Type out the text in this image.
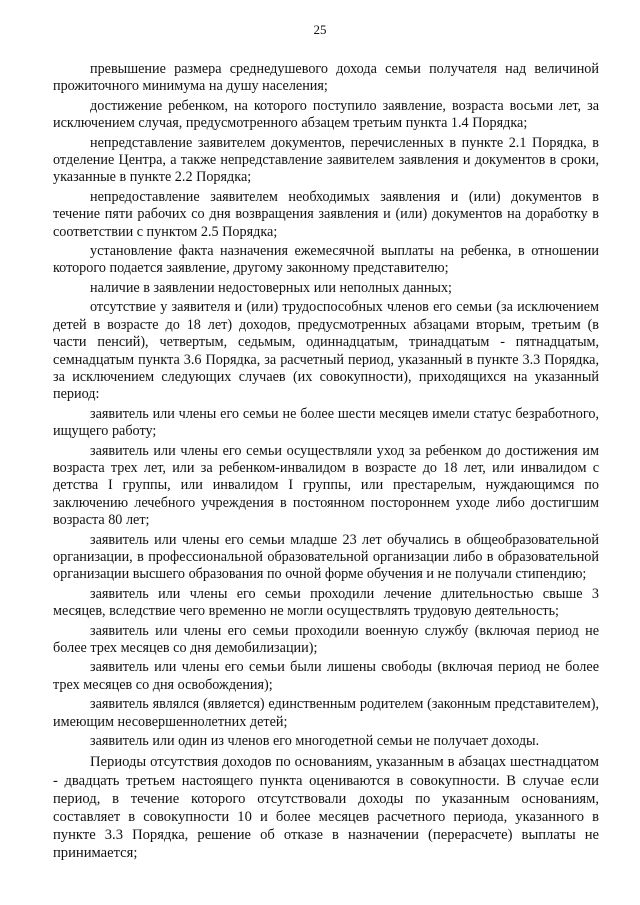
25

превышение размера среднедушевого дохода семьи получателя над величиной прожиточного минимума на душу населения;

достижение ребенком, на которого поступило заявление, возраста восьми лет, за исключением случая, предусмотренного абзацем третьим пункта 1.4 Порядка;

непредставление заявителем документов, перечисленных в пункте 2.1 Порядка, в отделение Центра, а также непредставление заявителем заявления и документов в сроки, указанные в пункте 2.2 Порядка;

непредоставление заявителем необходимых заявления и (или) документов в течение пяти рабочих со дня возвращения заявления и (или) документов на доработку в соответствии с пунктом 2.5 Порядка;

установление факта назначения ежемесячной выплаты на ребенка, в отношении которого подается заявление, другому законному представителю;

наличие в заявлении недостоверных или неполных данных;

отсутствие у заявителя и (или) трудоспособных членов его семьи (за исключением детей в возрасте до 18 лет) доходов, предусмотренных абзацами вторым, третьим (в части пенсий), четвертым, седьмым, одиннадцатым, тринадцатым - пятнадцатым, семнадцатым пункта 3.6 Порядка, за расчетный период, указанный в пункте 3.3 Порядка, за исключением следующих случаев (их совокупности), приходящихся на указанный период:

заявитель или члены его семьи не более шести месяцев имели статус безработного, ищущего работу;

заявитель или члены его семьи осуществляли уход за ребенком до достижения им возраста трех лет, или за ребенком-инвалидом в возрасте до 18 лет, или инвалидом с детства I группы, или инвалидом I группы, или престарелым, нуждающимся по заключению лечебного учреждения в постоянном постороннем уходе либо достигшим возраста 80 лет;

заявитель или члены его семьи младше 23 лет обучались в общеобразовательной организации, в профессиональной образовательной организации либо в образовательной организации высшего образования по очной форме обучения и не получали стипендию;

заявитель или члены его семьи проходили лечение длительностью свыше 3 месяцев, вследствие чего временно не могли осуществлять трудовую деятельность;

заявитель или члены его семьи проходили военную службу (включая период не более трех месяцев со дня демобилизации);

заявитель или члены его семьи были лишены свободы (включая период не более трех месяцев со дня освобождения);

заявитель являлся (является) единственным родителем (законным представителем), имеющим несовершеннолетних детей;

заявитель или один из членов его многодетной семьи не получает доходы.

Периоды отсутствия доходов по основаниям, указанным в абзацах шестнадцатом - двадцать третьем настоящего пункта оцениваются в совокупности. В случае если период, в течение которого отсутствовали доходы по указанным основаниям, составляет в совокупности 10 и более месяцев расчетного периода, указанного в пункте 3.3 Порядка, решение об отказе в назначении (перерасчете) выплаты не принимается;
